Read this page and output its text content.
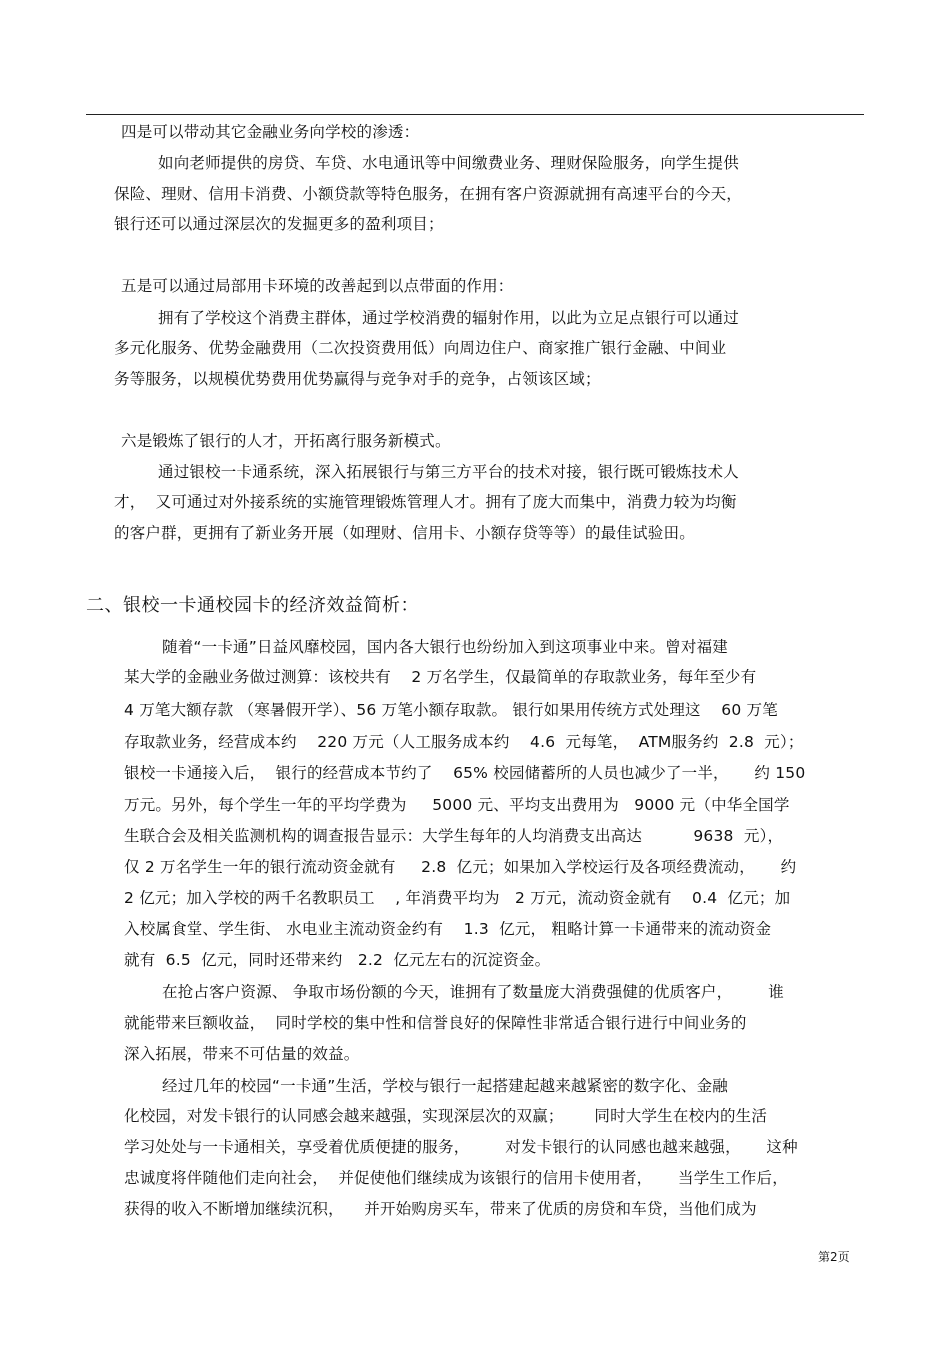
四是可以带动其它金融业务向学校的渗透：
如向老师提供的房贷、车贷、水电通讯等中间缴费业务、理财保险服务，向学生提供
保险、理财、信用卡消费、小额贷款等特色服务，在拥有客户资源就拥有高速平台的今天，
银行还可以通过深层次的发掘更多的盈利项目；
五是可以通过局部用卡环境的改善起到以点带面的作用：
拥有了学校这个消费主群体，通过学校消费的辐射作用，以此为立足点银行可以通过
多元化服务、优势金融费用（二次投资费用低）向周边住户、商家推广银行金融、中间业
务等服务，以规模优势费用优势赢得与竞争对手的竞争，占领该区域；
六是锻炼了银行的人才，开拓离行服务新模式。
通过银校一卡通系统，深入拓展银行与第三方平台的技术对接，银行既可锻炼技术人
才，  又可通过对外接系统的实施管理锻炼管理人才。拥有了庞大而集中，消费力较为均衡
的客户群，更拥有了新业务开展（如理财、信用卡、小额存贷等等）的最佳试验田。
二、银校一卡通校园卡的经济效益简析：
随着“一卡通”日益风靡校园，国内各大银行也纷纷加入到这项事业中来。曾对福建
某大学的金融业务做过测算：该校共有    2 万名学生，仅最简单的存取款业务，每年至少有
4 万笔大额存款 （寒暑假开学）、56 万笔小额存取款。 银行如果用传统方式处理这    60 万笔
存取款业务，经营成本约    220 万元（人工服务成本约    4.6  元每笔，  ATM服务约  2.8  元）；
银校一卡通接入后，  银行的经营成本节约了    65% 校园储蓄所的人员也减少了一半，     约 150
万元。另外，每个学生一年的平均学费为     5000 元、平均支出费用为   9000 元（中华全国学
生联合会及相关监测机构的调查报告显示：大学生每年的人均消费支出高达          9638  元），
仅 2 万名学生一年的银行流动资金就有     2.8  亿元；如果加入学校运行及各项经费流动，     约
2 亿元；加入学校的两千名教职员工    , 年消费平均为   2 万元，流动资金就有    0.4  亿元；加
入校属食堂、学生街、 水电业主流动资金约有    1.3  亿元， 粗略计算一卡通带来的流动资金
就有  6.5  亿元，同时还带来约   2.2  亿元左右的沉淀资金。
在抢占客户资源、 争取市场份额的今天，谁拥有了数量庞大消费强健的优质客户，       谁
就能带来巨额收益，  同时学校的集中性和信誉良好的保障性非常适合银行进行中间业务的
深入拓展，带来不可估量的效益。
经过几年的校园“一卡通”生活，学校与银行一起搭建起越来越紧密的数字化、金融
化校园，对发卡银行的认同感会越来越强，实现深层次的双赢；      同时大学生在校内的生活
学习处处与一卡通相关，享受着优质便捷的服务，       对发卡银行的认同感也越来越强，     这种
忠诚度将伴随他们走向社会，  并促使他们继续成为该银行的信用卡使用者，     当学生工作后，
获得的收入不断增加继续沉积，    并开始购房买车，带来了优质的房贷和车贷，当他们成为
第2页
